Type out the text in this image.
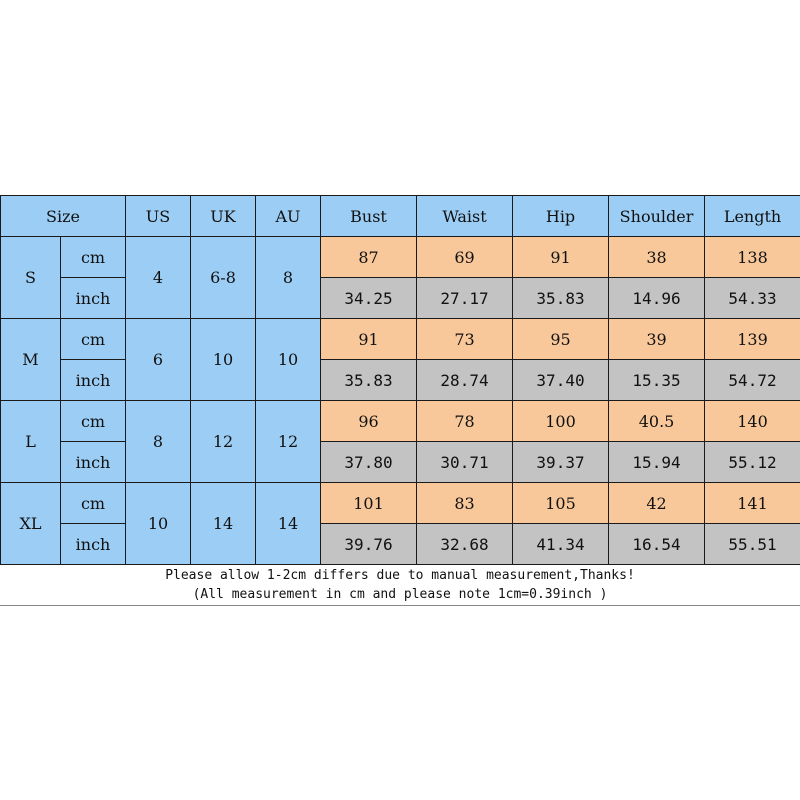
Size		US	UK	AU	Bust	Waist	Hip	Shoulder	Length
S	cm	4	6-8	8	87	69	91	38	138
	inch				34.25	27.17	35.83	14.96	54.33
M	cm	6	10	10	91	73	95	39	139
	inch				35.83	28.74	37.40	15.35	54.72
L	cm	8	12	12	96	78	100	40.5	140
	inch				37.80	30.71	39.37	15.94	55.12
XL	cm	10	14	14	101	83	105	42	141
	inch				39.76	32.68	41.34	16.54	55.51
Please allow 1-2cm differs due to manual measurement,Thanks!
(All measurement in cm and please note 1cm=0.39inch )
